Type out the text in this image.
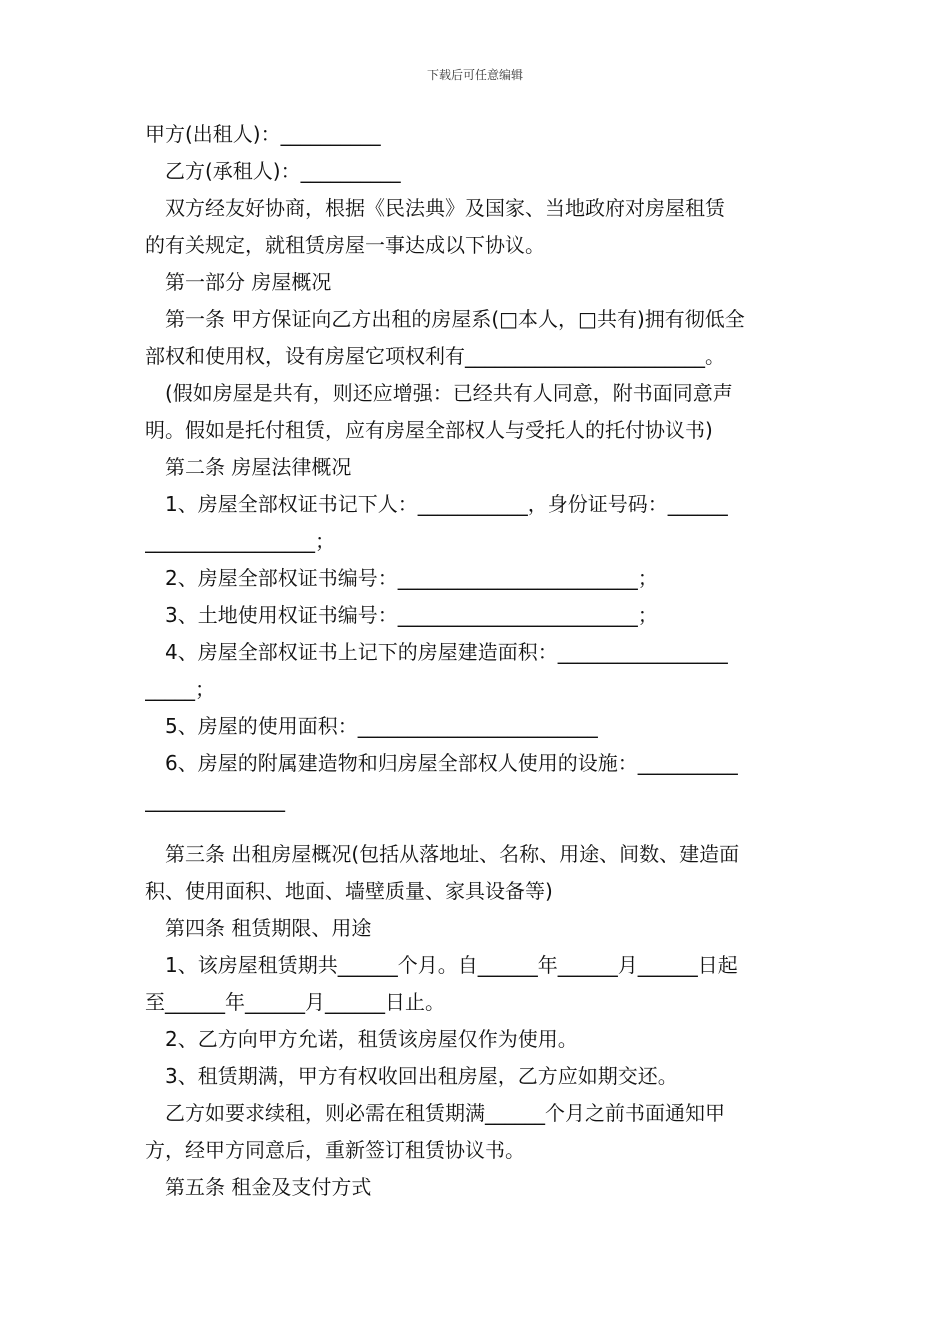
下载后可任意编辑
甲方(出租人)：__________
乙方(承租人)：__________
双方经友好协商，根据《民法典》及国家、当地政府对房屋租赁
的有关规定，就租赁房屋一事达成以下协议。
第一部分 房屋概况
第一条 甲方保证向乙方出租的房屋系(□本人，□共有)拥有彻低全
部权和使用权，设有房屋它项权利有________________________。
(假如房屋是共有，则还应增强：已经共有人同意，附书面同意声
明。假如是托付租赁，应有房屋全部权人与受托人的托付协议书)
第二条 房屋法律概况
1、房屋全部权证书记下人：___________，身份证号码：______
_________________；
2、房屋全部权证书编号：________________________；
3、土地使用权证书编号：________________________；
4、房屋全部权证书上记下的房屋建造面积：_________________
_____；
5、房屋的使用面积：________________________
6、房屋的附属建造物和归房屋全部权人使用的设施：__________
______________
第三条 出租房屋概况(包括从落地址、名称、用途、间数、建造面
积、使用面积、地面、墙壁质量、家具设备等)
第四条 租赁期限、用途
1、该房屋租赁期共______个月。自______年______月______日起
至______年______月______日止。
2、乙方向甲方允诺，租赁该房屋仅作为使用。
3、租赁期满，甲方有权收回出租房屋，乙方应如期交还。
乙方如要求续租，则必需在租赁期满______个月之前书面通知甲
方，经甲方同意后，重新签订租赁协议书。
第五条 租金及支付方式
